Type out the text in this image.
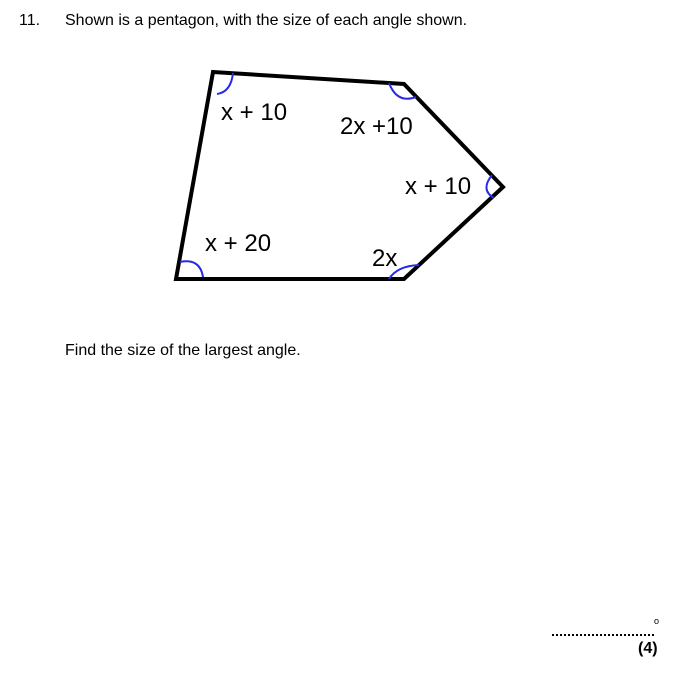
11. Shown is a pentagon, with the size of each angle shown.
x + 10
2x +10
x + 10
2x
x + 20
Find the size of the largest angle.
o
(4)
